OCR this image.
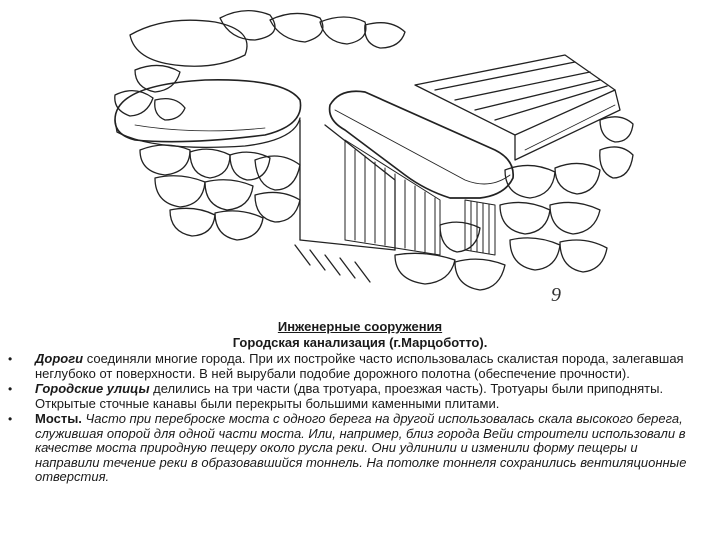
9
Инженерные сооружения
Городская канализация (г.Марцоботто).
• Дороги соединяли многие города. При их постройке часто использовалась скалистая порода, залегавшая неглубоко от поверхности. В ней вырубали подобие дорожного полотна (обеспечение прочности).
• Городские улицы делились на три части (два тротуара, проезжая часть). Тротуары были приподняты. Открытые сточные канавы были перекрыты большими каменными плитами.
• Мосты. Часто при переброске моста с одного берега на другой использовалась скала высокого берега, служившая опорой для одной части моста. Или, например, близ города Вейи строители использовали в качестве моста природную пещеру около русла реки. Они удлинили и изменили форму пещеры и направили течение реки в образовавшийся тоннель. На потолке тоннеля сохранились вентиляционные отверстия.
